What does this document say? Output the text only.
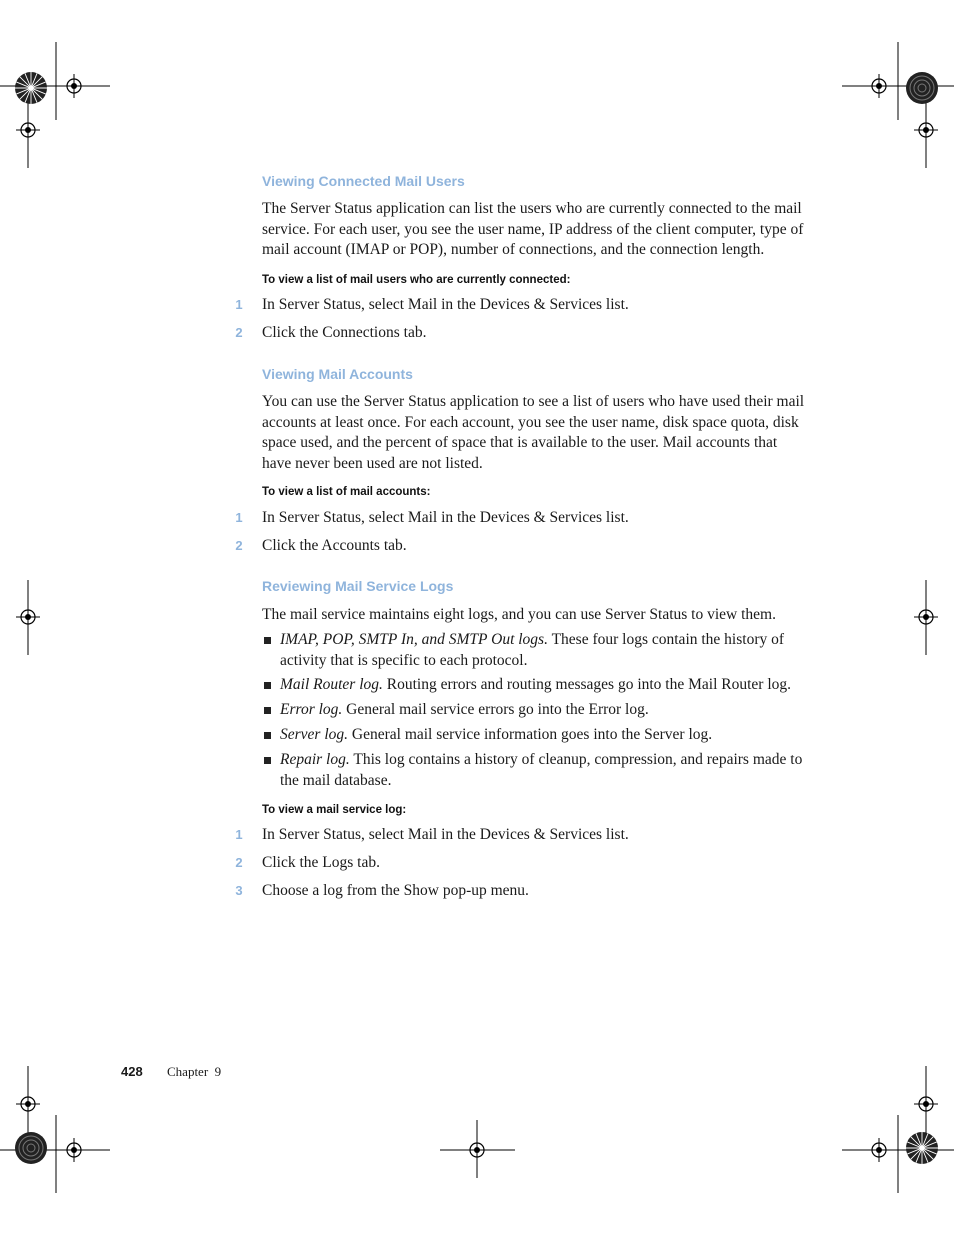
Viewing Connected Mail Users
The Server Status application can list the users who are currently connected to the mail service. For each user, you see the user name, IP address of the client computer, type of mail account (IMAP or POP), number of connections, and the connection length.
To view a list of mail users who are currently connected:
1 In Server Status, select Mail in the Devices & Services list.
2 Click the Connections tab.
Viewing Mail Accounts
You can use the Server Status application to see a list of users who have used their mail accounts at least once. For each account, you see the user name, disk space quota, disk space used, and the percent of space that is available to the user. Mail accounts that have never been used are not listed.
To view a list of mail accounts:
1 In Server Status, select Mail in the Devices & Services list.
2 Click the Accounts tab.
Reviewing Mail Service Logs
The mail service maintains eight logs, and you can use Server Status to view them.
IMAP, POP, SMTP In, and SMTP Out logs. These four logs contain the history of activity that is specific to each protocol.
Mail Router log. Routing errors and routing messages go into the Mail Router log.
Error log. General mail service errors go into the Error log.
Server log. General mail service information goes into the Server log.
Repair log. This log contains a history of cleanup, compression, and repairs made to the mail database.
To view a mail service log:
1 In Server Status, select Mail in the Devices & Services list.
2 Click the Logs tab.
3 Choose a log from the Show pop-up menu.
428 Chapter  9
